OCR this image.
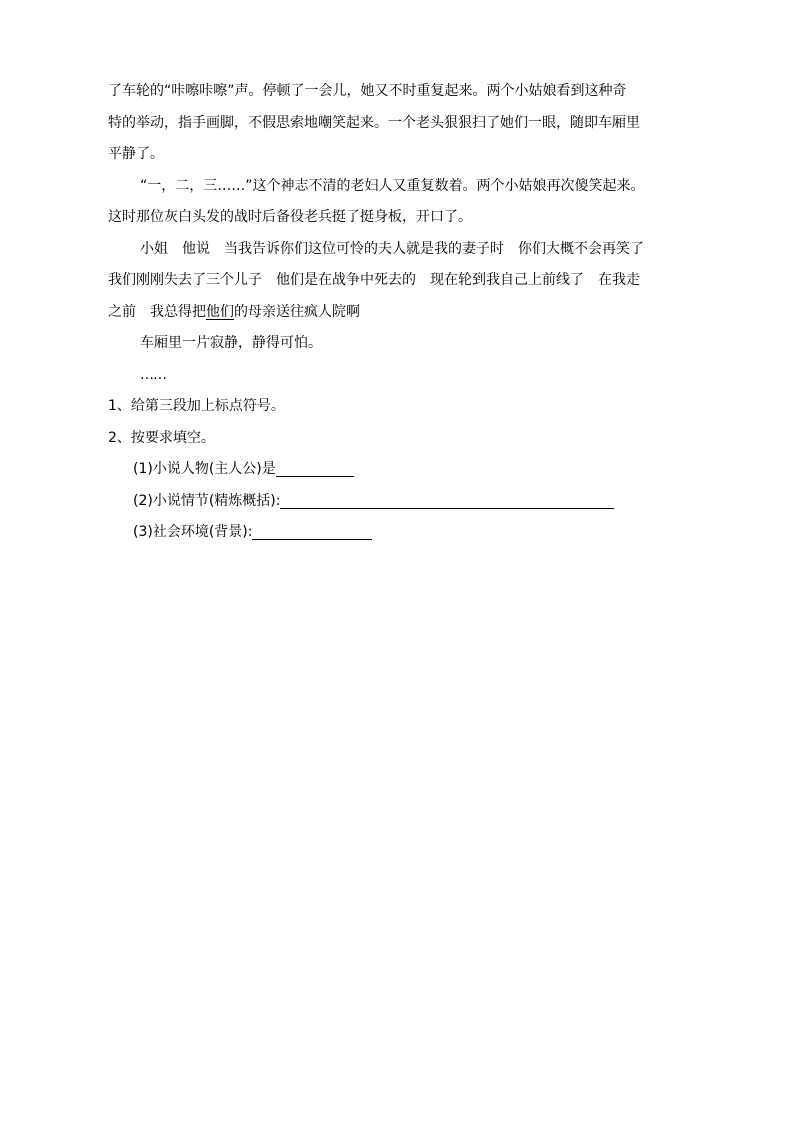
了车轮的“咔嚓咔嚓”声。停顿了一会儿，她又不时重复起来。两个小姑娘看到这种奇

特的举动，指手画脚，不假思索地嘲笑起来。一个老头狠狠扫了她们一眼，随即车厢里

平静了。

“一，二，三……”这个神志不清的老妇人又重复数着。两个小姑娘再次傻笑起来。

这时那位灰白头发的战时后备役老兵挺了挺身板，开口了。

小姐　他说　当我告诉你们这位可怜的夫人就是我的妻子时　你们大概不会再笑了

我们刚刚失去了三个儿子　他们是在战争中死去的　现在轮到我自己上前线了　在我走

之前　我总得把他们的母亲送往疯人院啊

车厢里一片寂静，静得可怕。

……

1、给第三段加上标点符号。

2、按要求填空。

(1)小说人物(主人公)是

(2)小说情节(精炼概括):

(3)社会环境(背景):
